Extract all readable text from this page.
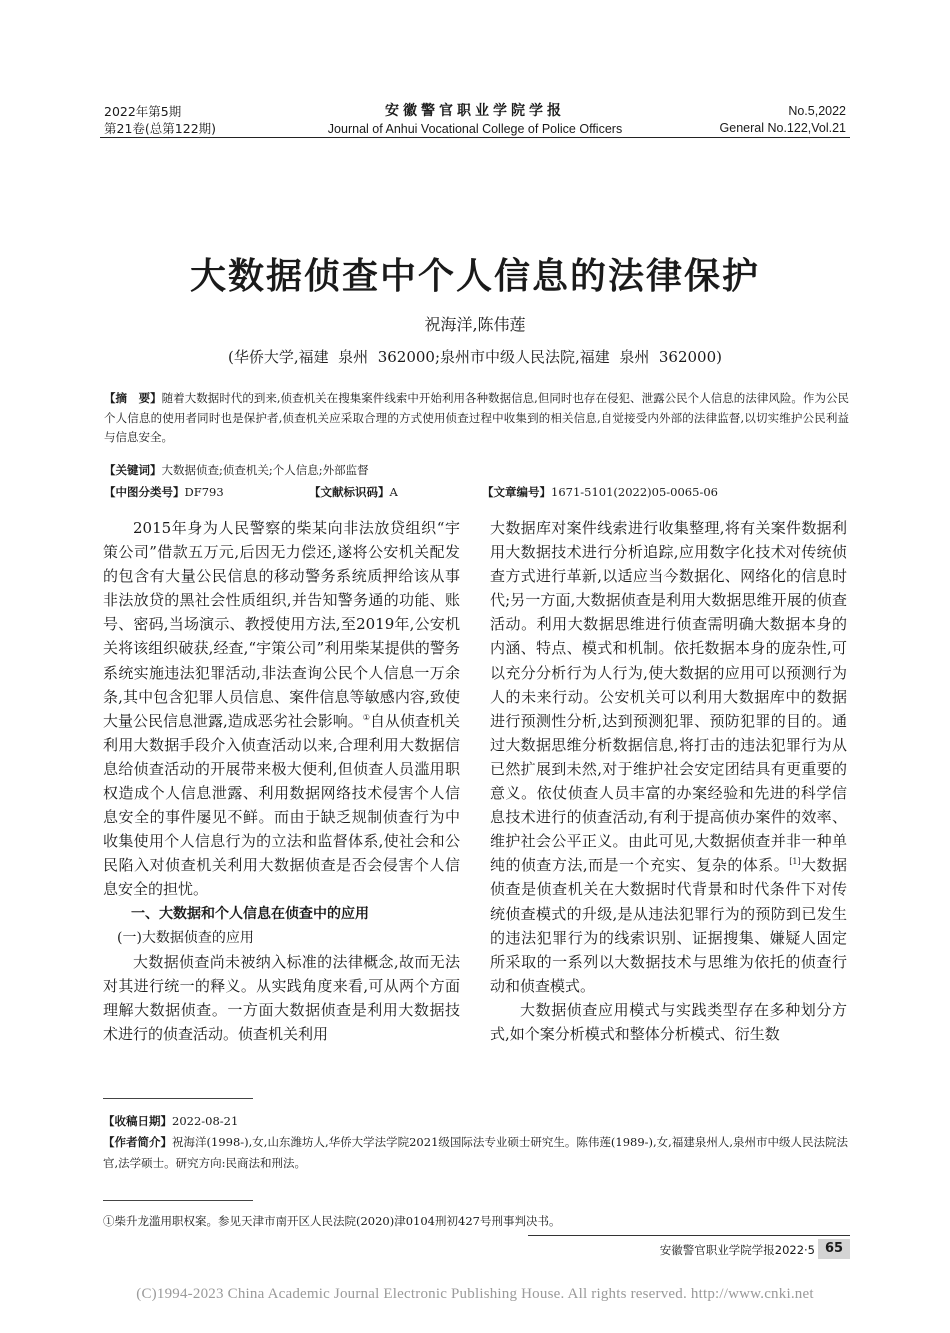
2022年第5期
第21卷(总第122期)
安徽警官职业学院学报
Journal of Anhui Vocational College of Police Officers
No.5,2022
General No.122,Vol.21
大数据侦查中个人信息的法律保护
祝海洋,陈伟莲
(华侨大学,福建  泉州  362000;泉州市中级人民法院,福建  泉州  362000)
【摘　要】随着大数据时代的到来,侦查机关在搜集案件线索中开始利用各种数据信息,但同时也存在侵犯、泄露公民个人信息的法律风险。作为公民个人信息的使用者同时也是保护者,侦查机关应采取合理的方式使用侦查过程中收集到的相关信息,自觉接受内外部的法律监督,以切实维护公民利益与信息安全。
【关键词】大数据侦查;侦查机关;个人信息;外部监督
【中图分类号】DF793	【文献标识码】A	【文章编号】1671-5101(2022)05-0065-06

2015年身为人民警察的柴某向非法放贷组织“宇策公司”借款五万元,后因无力偿还,遂将公安机关配发的包含有大量公民信息的移动警务系统质押给该从事非法放贷的黑社会性质组织,并告知警务通的功能、账号、密码,当场演示、教授使用方法,至2019年,公安机关将该组织破获,经查,“宇策公司”利用柴某提供的警务系统实施违法犯罪活动,非法查询公民个人信息一万余条,其中包含犯罪人员信息、案件信息等敏感内容,致使大量公民信息泄露,造成恶劣社会影响。①自从侦查机关利用大数据手段介入侦查活动以来,合理利用大数据信息给侦查活动的开展带来极大便利,但侦查人员滥用职权造成个人信息泄露、利用数据网络技术侵害个人信息安全的事件屡见不鲜。而由于缺乏规制侦查行为中收集使用个人信息行为的立法和监督体系,使社会和公民陷入对侦查机关利用大数据侦查是否会侵害个人信息安全的担忧。

一、大数据和个人信息在侦查中的应用

(一)大数据侦查的应用

大数据侦查尚未被纳入标准的法律概念,故而无法对其进行统一的释义。从实践角度来看,可从两个方面理解大数据侦查。一方面大数据侦查是利用大数据技术进行的侦查活动。侦查机关利用

大数据库对案件线索进行收集整理,将有关案件数据利用大数据技术进行分析追踪,应用数字化技术对传统侦查方式进行革新,以适应当今数据化、网络化的信息时代;另一方面,大数据侦查是利用大数据思维开展的侦查活动。利用大数据思维进行侦查需明确大数据本身的内涵、特点、模式和机制。依托数据本身的庞杂性,可以充分分析行为人行为,使大数据的应用可以预测行为人的未来行动。公安机关可以利用大数据库中的数据进行预测性分析,达到预测犯罪、预防犯罪的目的。通过大数据思维分析数据信息,将打击的违法犯罪行为从已然扩展到未然,对于维护社会安定团结具有更重要的意义。依仗侦查人员丰富的办案经验和先进的科学信息技术进行的侦查活动,有利于提高侦办案件的效率、维护社会公平正义。由此可见,大数据侦查并非一种单纯的侦查方法,而是一个充实、复杂的体系。[1]大数据侦查是侦查机关在大数据时代背景和时代条件下对传统侦查模式的升级,是从违法犯罪行为的预防到已发生的违法犯罪行为的线索识别、证据搜集、嫌疑人固定所采取的一系列以大数据技术与思维为依托的侦查行动和侦查模式。

大数据侦查应用模式与实践类型存在多种划分方式,如个案分析模式和整体分析模式、衍生数

【收稿日期】2022-08-21
【作者简介】祝海洋(1998-),女,山东潍坊人,华侨大学法学院2021级国际法专业硕士研究生。陈伟莲(1989-),女,福建泉州人,泉州市中级人民法院法官,法学硕士。研究方向:民商法和刑法。
①柴升龙滥用职权案。参见天津市南开区人民法院(2020)津0104刑初427号刑事判决书。
安徽警官职业学院学报2022·5 65
(C)1994-2023 China Academic Journal Electronic Publishing House. All rights reserved. http://www.cnki.net
